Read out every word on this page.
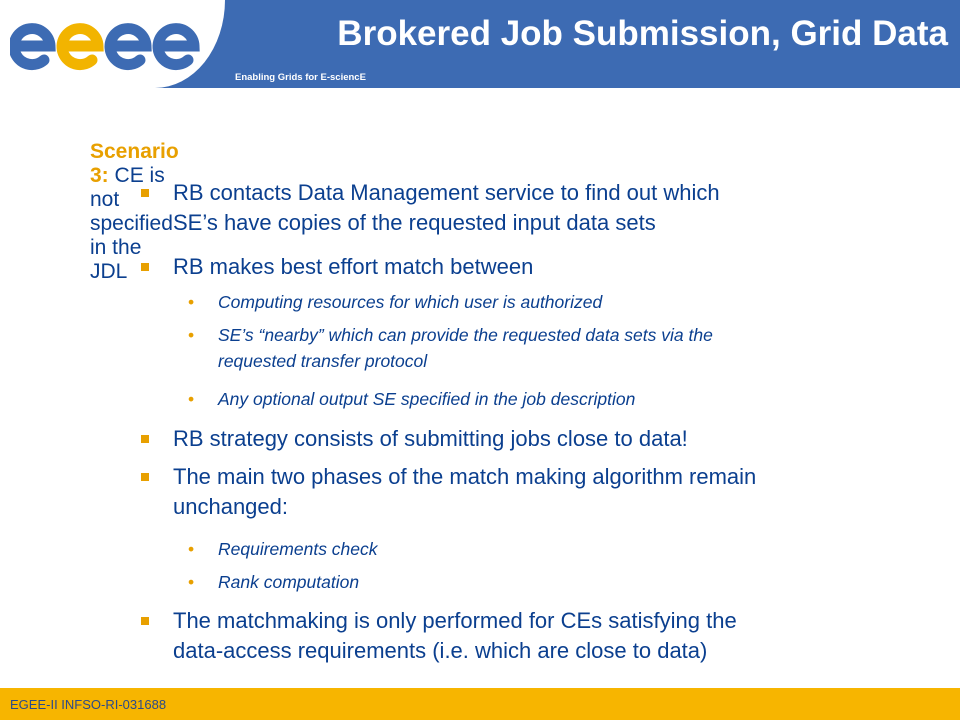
Enabling Grids for E-sciencE
Brokered Job Submission, Grid Data
Scenario 3: CE is not specified in the JDL
RB contacts Data Management service to find out which
SE’s have copies of the requested input data sets
RB makes best effort match between
• Computing resources for which user is authorized
• SE’s “nearby” which can provide the requested data sets via the
requested transfer protocol
• Any optional output SE specified in the job description
RB strategy consists of submitting jobs close to data!
The main two phases of the match making algorithm remain
unchanged:
• Requirements check
• Rank computation
The matchmaking is only performed for CEs satisfying the
data-access requirements (i.e. which are close to data)
EGEE-II INFSO-RI-031688
